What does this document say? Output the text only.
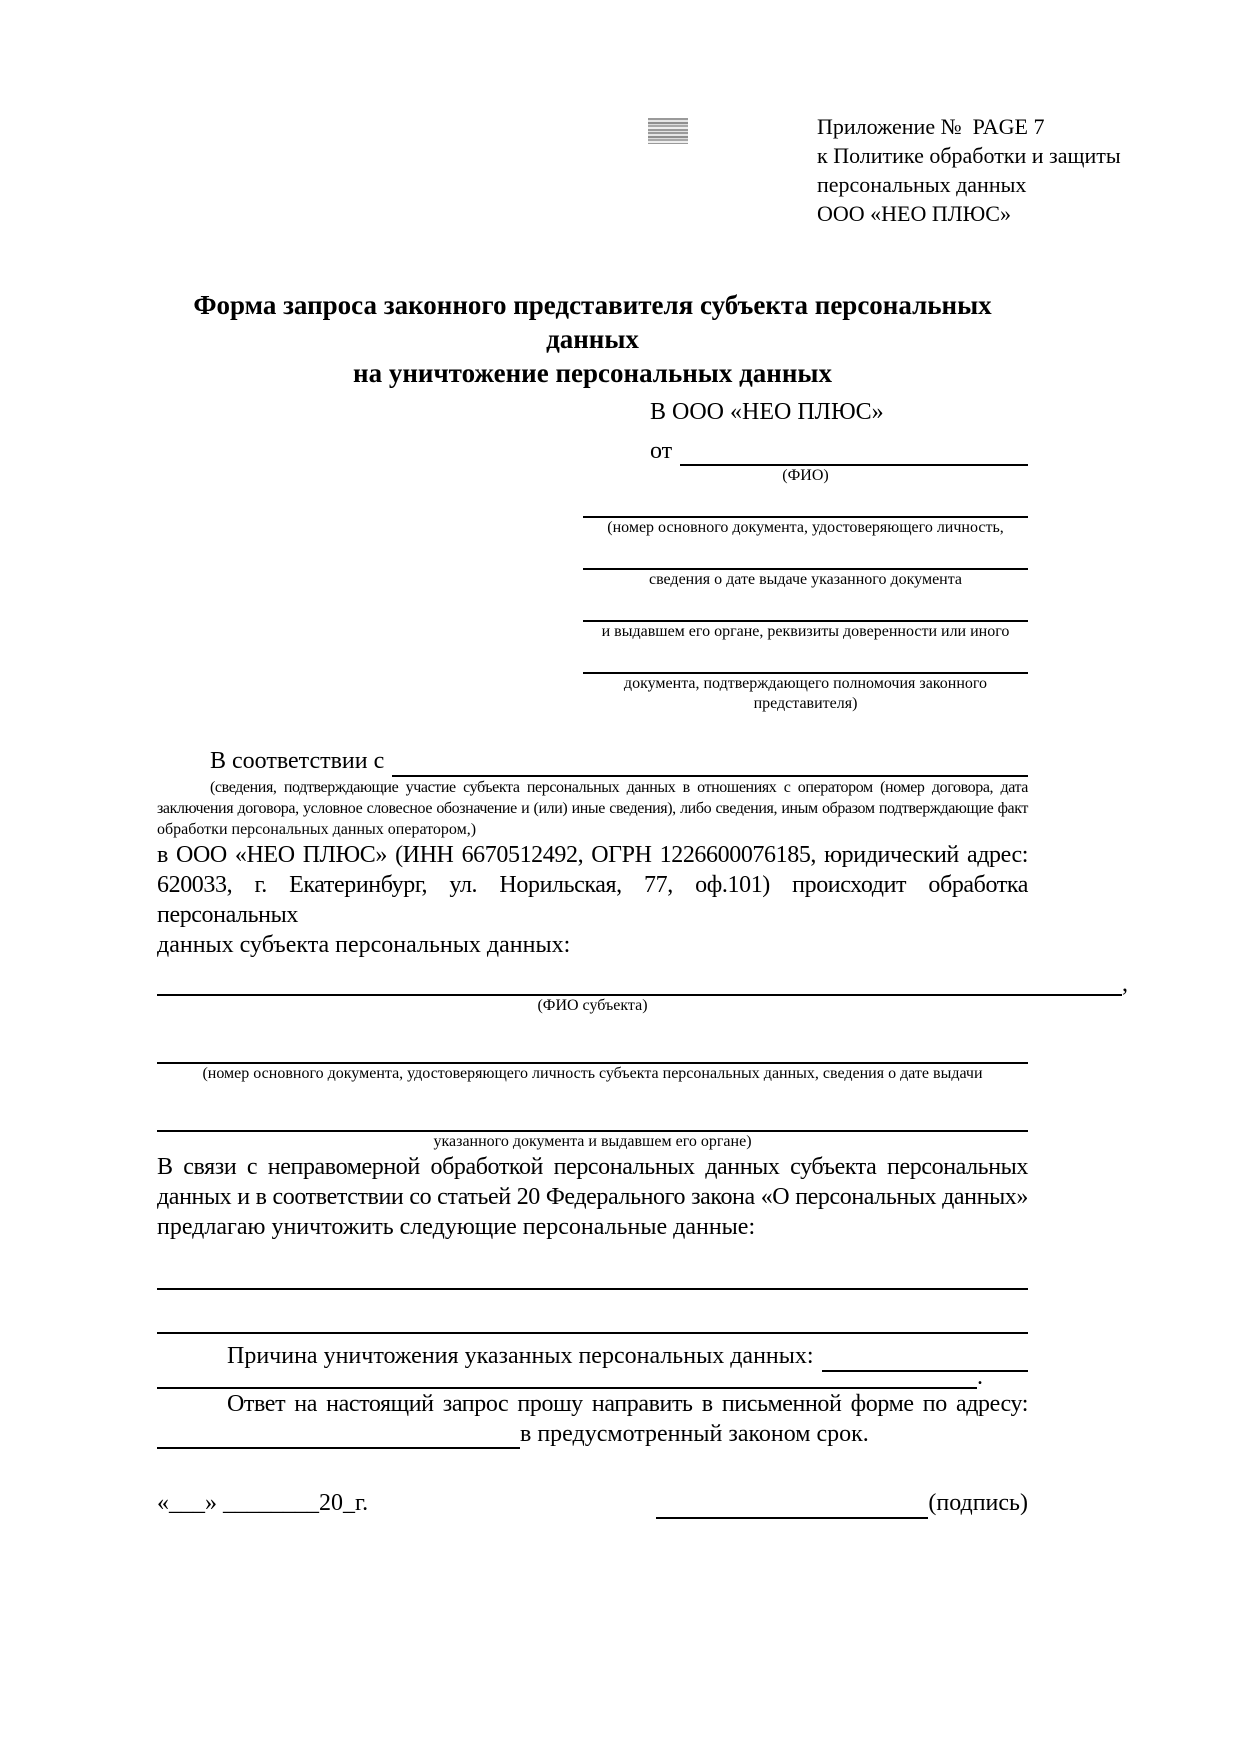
Приложение №  PAGE 7
к Политике обработки и защиты
персональных данных
ООО «НЕО ПЛЮС»
Форма запроса законного представителя субъекта персональных данных
на уничтожение персональных данных
В ООО «НЕО ПЛЮС»
от
(ФИО)
(номер основного документа, удостоверяющего личность,
сведения о дате выдаче указанного документа
и выдавшем его органе, реквизиты доверенности или иного
документа, подтверждающего полномочия законного представителя)
В соответствии с
(сведения, подтверждающие участие субъекта персональных данных в отношениях с оператором (номер договора, дата
заключения договора, условное словесное обозначение и (или) иные сведения), либо сведения, иным образом подтверждающие факт
обработки персональных данных оператором,)
в ООО «НЕО ПЛЮС» (ИНН 6670512492, ОГРН 1226600076185, юридический адрес:
620033, г. Екатеринбург, ул. Норильская, 77, оф.101) происходит обработка персональных
данных субъекта персональных данных:
,
(ФИО субъекта)
(номер основного документа, удостоверяющего личность субъекта персональных данных, сведения о дате выдачи
указанного документа и выдавшем его органе)
В связи с неправомерной обработкой персональных данных субъекта персональных
данных и в соответствии со статьей 20 Федерального закона «О персональных данных»
предлагаю уничтожить следующие персональные данные:
Причина уничтожения указанных персональных данных:
.
Ответ на настоящий запрос прошу направить в письменной форме по адресу:
в предусмотренный законом срок.
«___» ________20_г.	(подпись)
